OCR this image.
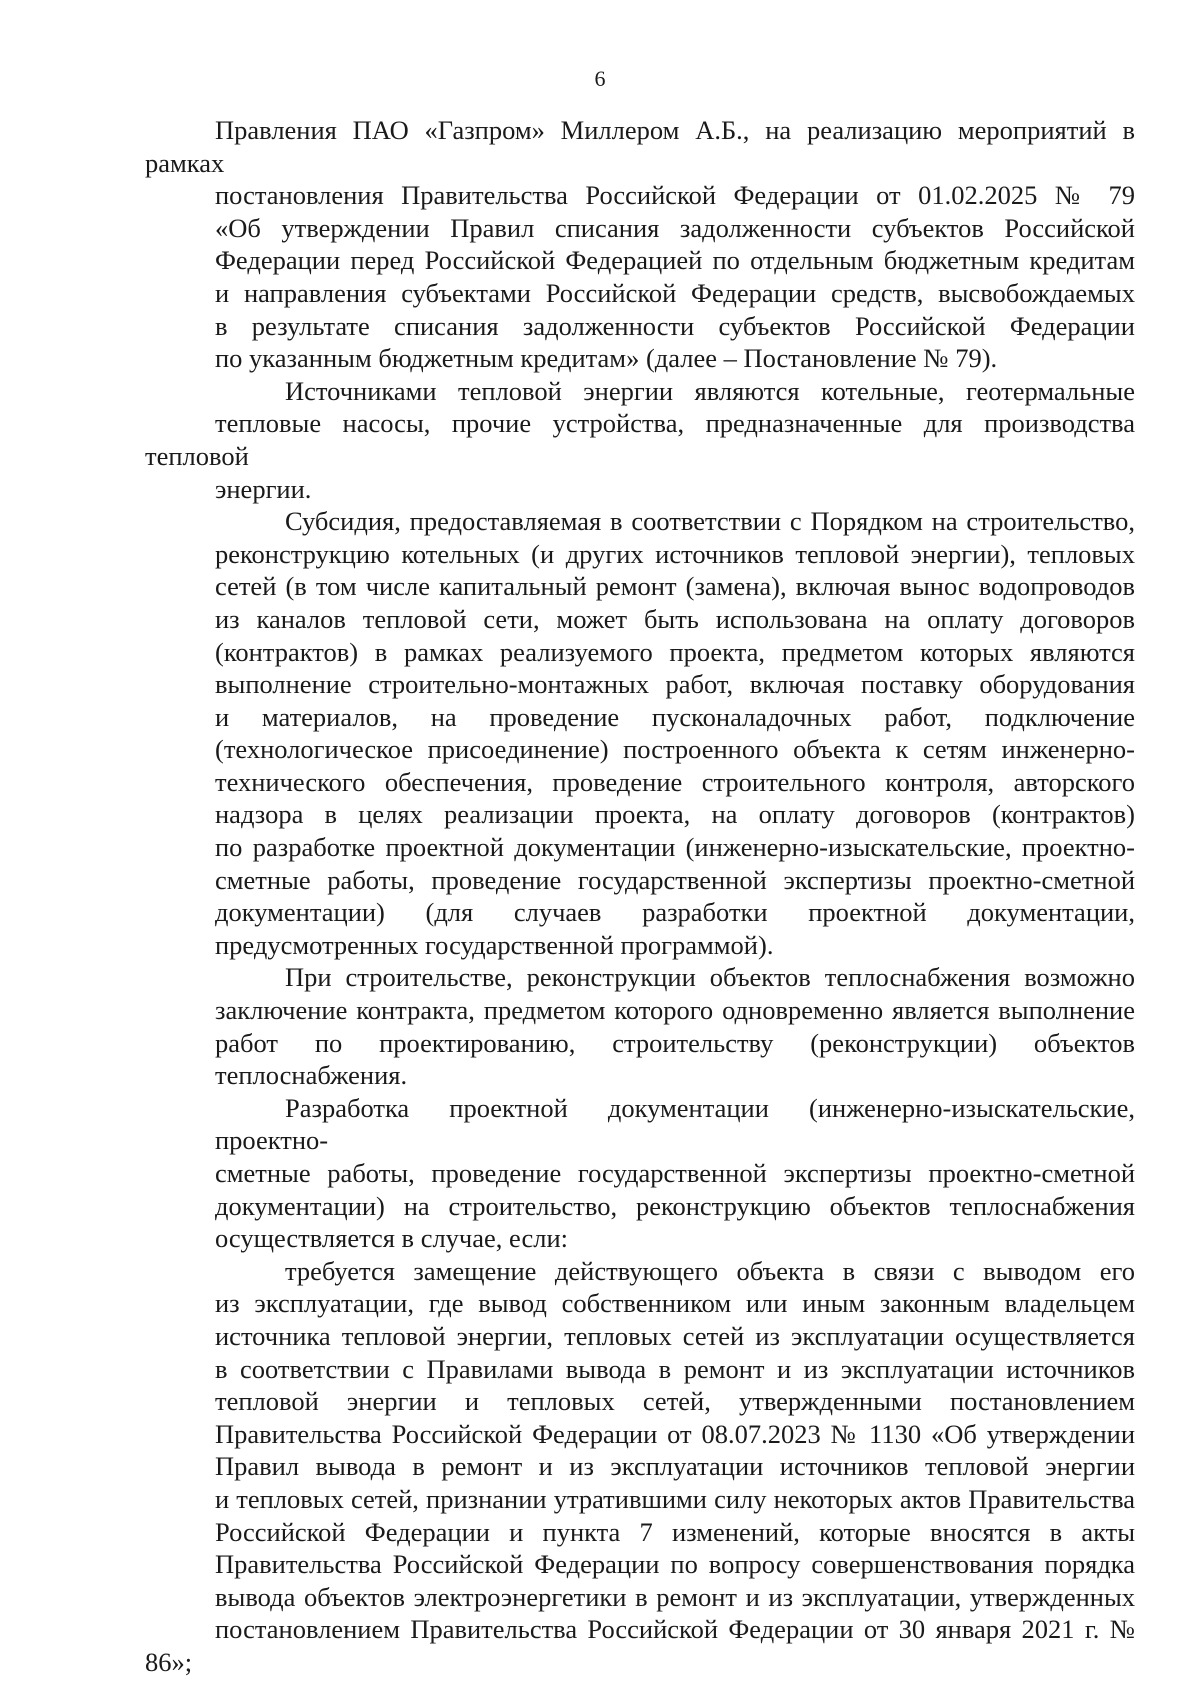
6
Правления ПАО «Газпром» Миллером А.Б., на реализацию мероприятий в рамках
постановления Правительства Российской Федерации от 01.02.2025 № 79
«Об утверждении Правил списания задолженности субъектов Российской
Федерации перед Российской Федерацией по отдельным бюджетным кредитам
и направления субъектами Российской Федерации средств, высвобождаемых
в результате списания задолженности субъектов Российской Федерации
по указанным бюджетным кредитам» (далее – Постановление № 79).
Источниками тепловой энергии являются котельные, геотермальные
тепловые насосы, прочие устройства, предназначенные для производства тепловой
энергии.
Субсидия, предоставляемая в соответствии с Порядком на строительство,
реконструкцию котельных (и других источников тепловой энергии), тепловых
сетей (в том числе капитальный ремонт (замена), включая вынос водопроводов
из каналов тепловой сети, может быть использована на оплату договоров
(контрактов) в рамках реализуемого проекта, предметом которых являются
выполнение строительно-монтажных работ, включая поставку оборудования
и материалов, на проведение пусконаладочных работ, подключение
(технологическое присоединение) построенного объекта к сетям инженерно-
технического обеспечения, проведение строительного контроля, авторского
надзора в целях реализации проекта, на оплату договоров (контрактов)
по разработке проектной документации (инженерно-изыскательские, проектно-
сметные работы, проведение государственной экспертизы проектно-сметной
документации) (для случаев разработки проектной документации,
предусмотренных государственной программой).
При строительстве, реконструкции объектов теплоснабжения возможно
заключение контракта, предметом которого одновременно является выполнение
работ по проектированию, строительству (реконструкции) объектов
теплоснабжения.
Разработка проектной документации (инженерно-изыскательские, проектно-
сметные работы, проведение государственной экспертизы проектно-сметной
документации) на строительство, реконструкцию объектов теплоснабжения
осуществляется в случае, если:
требуется замещение действующего объекта в связи с выводом его
из эксплуатации, где вывод собственником или иным законным владельцем
источника тепловой энергии, тепловых сетей из эксплуатации осуществляется
в соответствии с Правилами вывода в ремонт и из эксплуатации источников
тепловой энергии и тепловых сетей, утвержденными постановлением
Правительства Российской Федерации от 08.07.2023 № 1130 «Об утверждении
Правил вывода в ремонт и из эксплуатации источников тепловой энергии
и тепловых сетей, признании утратившими силу некоторых актов Правительства
Российской Федерации и пункта 7 изменений, которые вносятся в акты
Правительства Российской Федерации по вопросу совершенствования порядка
вывода объектов электроэнергетики в ремонт и из эксплуатации, утвержденных
постановлением Правительства Российской Федерации от 30 января 2021 г. № 86»;
